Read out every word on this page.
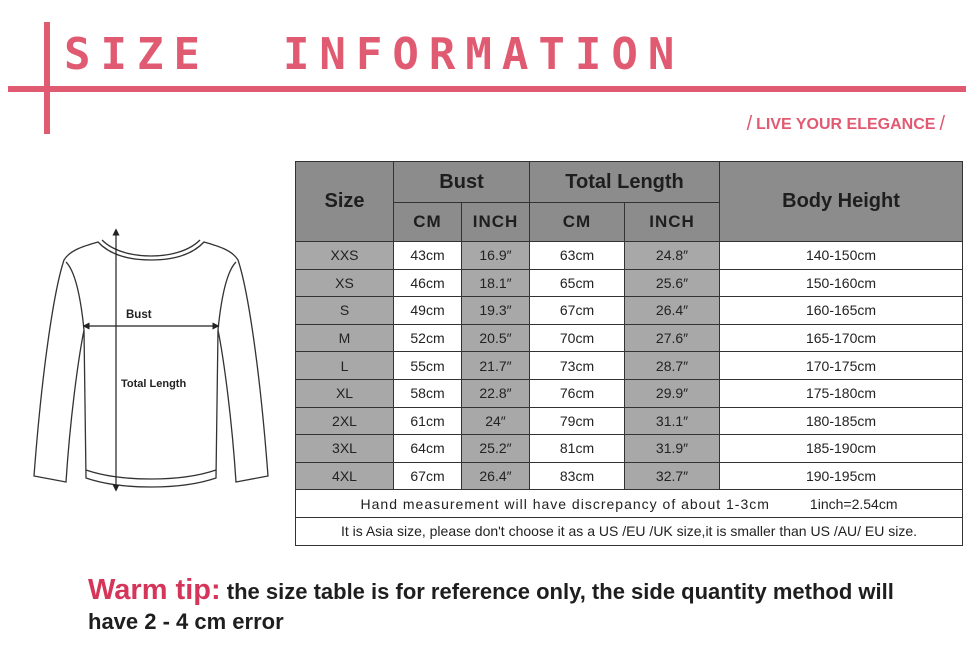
SIZE  INFORMATION
/ LIVE YOUR ELEGANCE /
Bust
Total Length
Size	Bust		Total Length		Body Height
	CM	INCH	CM	INCH	
XXS	43cm	16.9″	63cm	24.8″	140-150cm
XS	46cm	18.1″	65cm	25.6″	150-160cm
S	49cm	19.3″	67cm	26.4″	160-165cm
M	52cm	20.5″	70cm	27.6″	165-170cm
L	55cm	21.7″	73cm	28.7″	170-175cm
XL	58cm	22.8″	76cm	29.9″	175-180cm
2XL	61cm	24″	79cm	31.1″	180-185cm
3XL	64cm	25.2″	81cm	31.9″	185-190cm
4XL	67cm	26.4″	83cm	32.7″	190-195cm
Hand measurement will have discrepancy of about 1-3cm 1inch=2.54cm					
It is Asia size, please don't choose it as a US /EU /UK size,it is smaller than US /AU/ EU size.					
Warm tip: the size table is for reference only, the side quantity method will have 2 - 4 cm error
